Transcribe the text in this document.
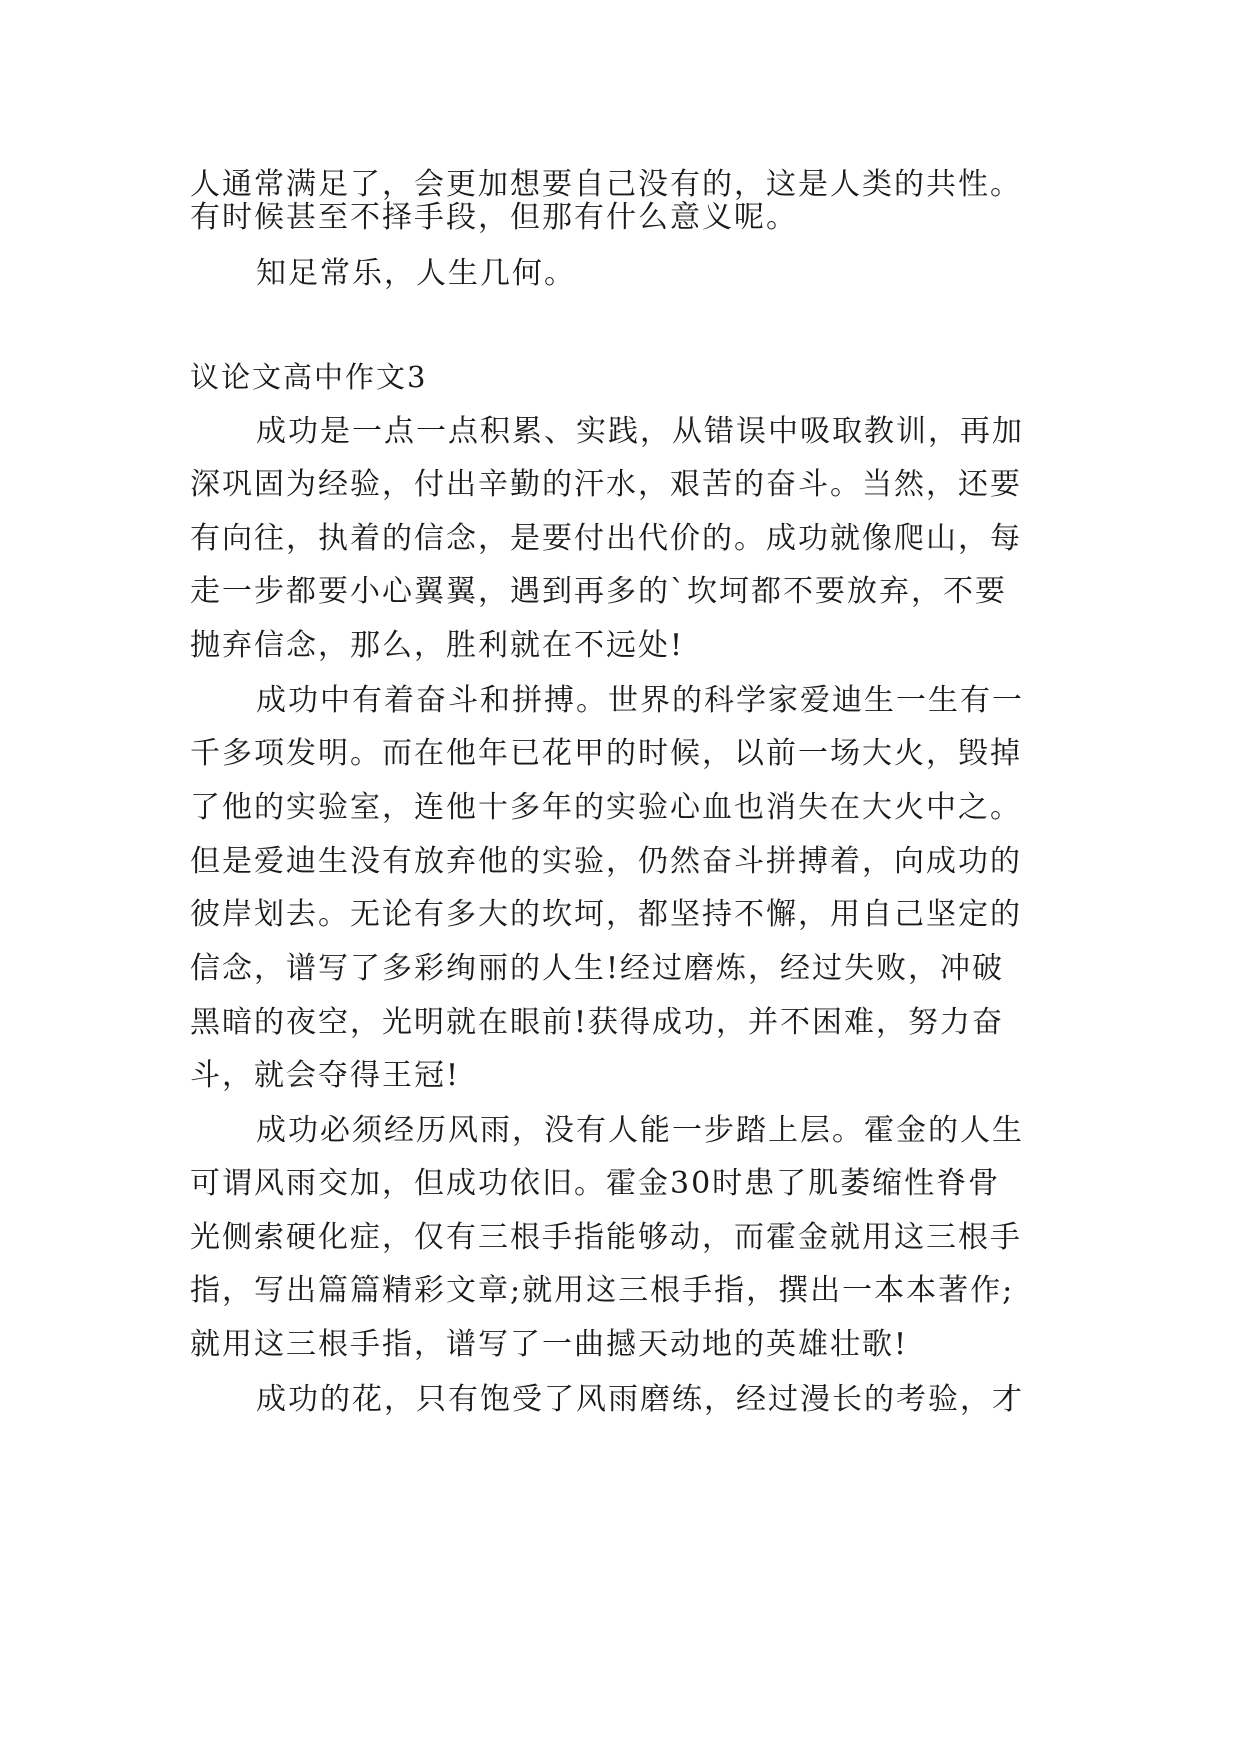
人通常满足了，会更加想要自己没有的，这是人类的共性。
有时候甚至不择手段，但那有什么意义呢。
知足常乐，人生几何。
议论文高中作文3
成功是一点一点积累、实践，从错误中吸取教训，再加
深巩固为经验，付出辛勤的汗水，艰苦的奋斗。当然，还要
有向往，执着的信念，是要付出代价的。成功就像爬山，每
走一步都要小心翼翼，遇到再多的`坎坷都不要放弃，不要
抛弃信念，那么，胜利就在不远处!
成功中有着奋斗和拼搏。世界的科学家爱迪生一生有一
千多项发明。而在他年已花甲的时候，以前一场大火，毁掉
了他的实验室，连他十多年的实验心血也消失在大火中之。
但是爱迪生没有放弃他的实验，仍然奋斗拼搏着，向成功的
彼岸划去。无论有多大的坎坷，都坚持不懈，用自己坚定的
信念，谱写了多彩绚丽的人生!经过磨炼，经过失败，冲破
黑暗的夜空，光明就在眼前!获得成功，并不困难，努力奋
斗，就会夺得王冠!
成功必须经历风雨，没有人能一步踏上层。霍金的人生
可谓风雨交加，但成功依旧。霍金30时患了肌萎缩性脊骨
光侧索硬化症，仅有三根手指能够动，而霍金就用这三根手
指，写出篇篇精彩文章;就用这三根手指，撰出一本本著作;
就用这三根手指，谱写了一曲撼天动地的英雄壮歌!
成功的花，只有饱受了风雨磨练，经过漫长的考验，才
